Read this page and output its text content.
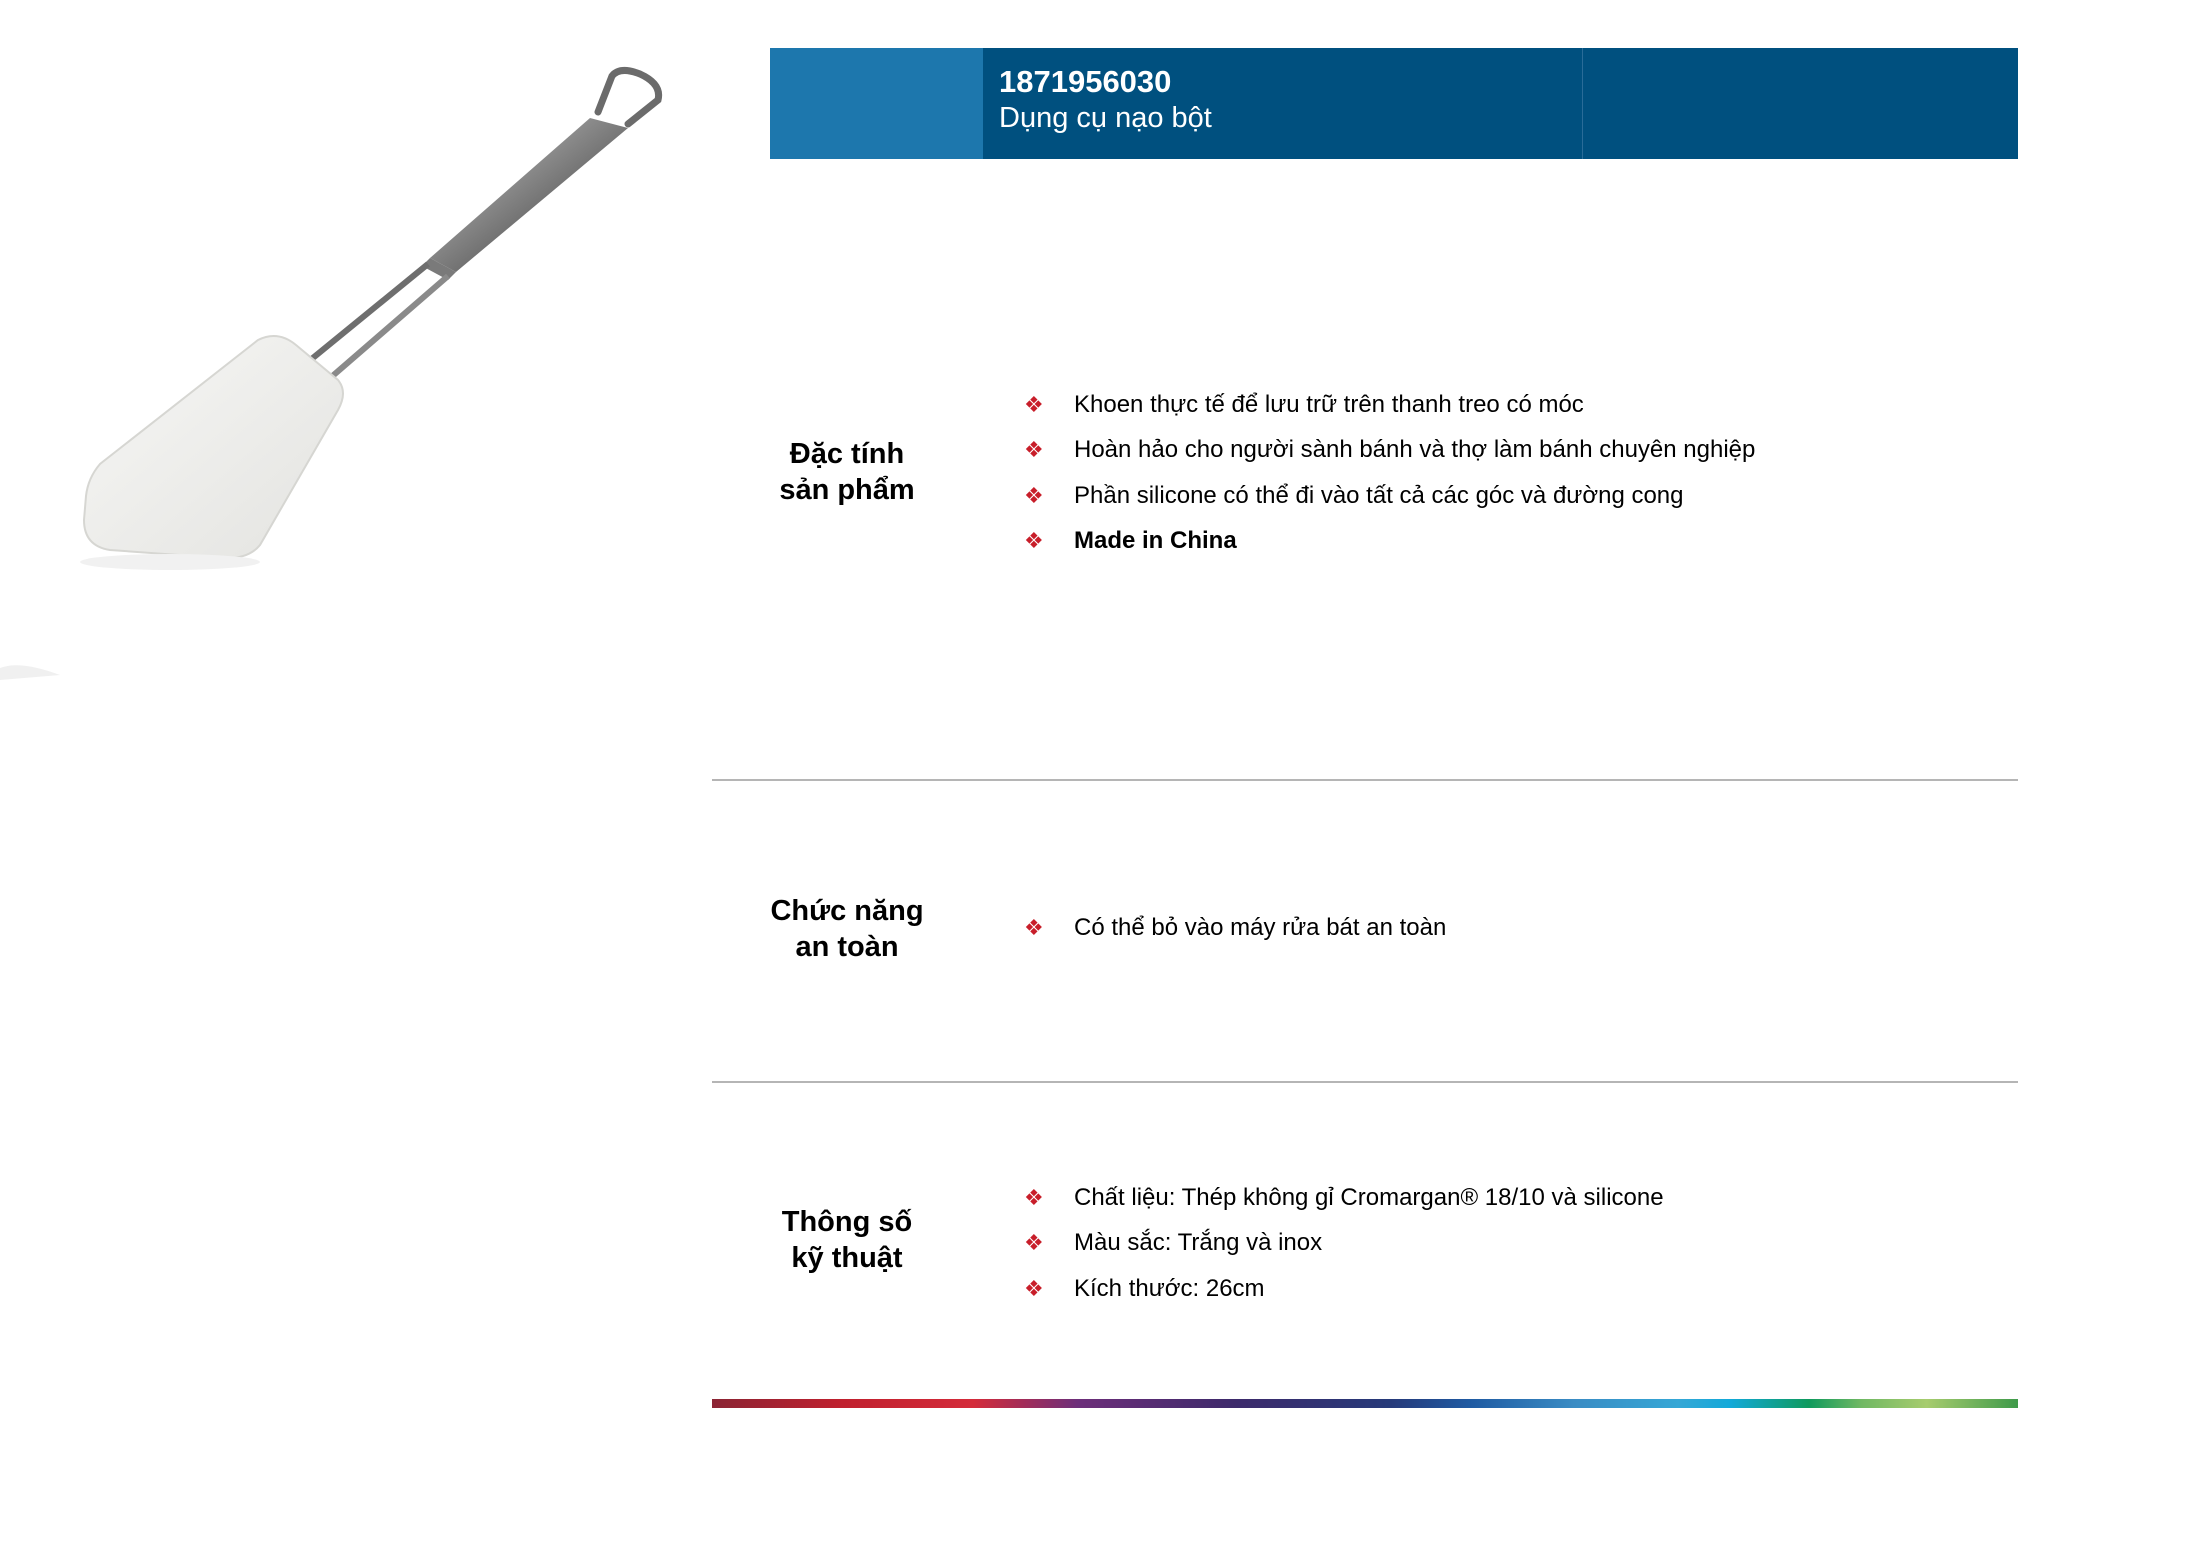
1871956030
Dụng cụ nạo bột
Đặc tính
sản phẩm
❖	Khoen thực tế để lưu trữ trên thanh treo có móc
❖	Hoàn hảo cho người sành bánh và thợ làm bánh chuyên nghiệp
❖	Phần silicone có thể đi vào tất cả các góc và đường cong
❖	Made in China
Chức năng
an toàn
❖	Có thể bỏ vào máy rửa bát an toàn
Thông số
kỹ thuật
❖	Chất liệu: Thép không gỉ Cromargan® 18/10 và silicone
❖	Màu sắc: Trắng và inox
❖	Kích thước: 26cm
